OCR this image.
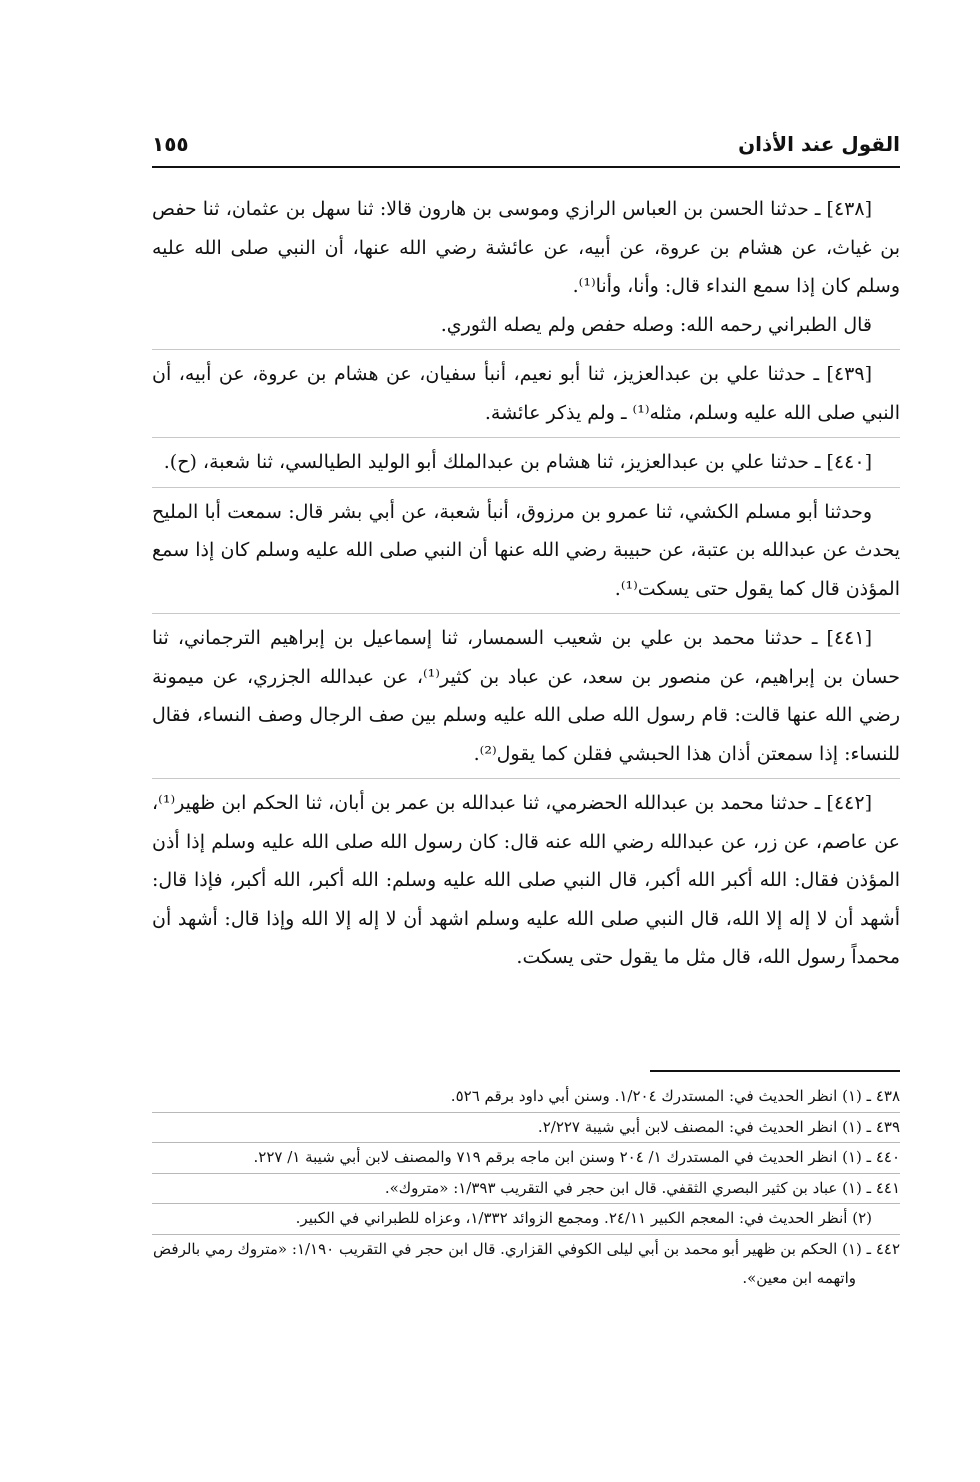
القول عند الأذان
١٥٥

[٤٣٨] ـ حدثنا الحسن بن العباس الرازي وموسى بن هارون قالا: ثنا سهل بن عثمان، ثنا حفص بن غياث، عن هشام بن عروة، عن أبيه، عن عائشة رضي الله عنها، أن النبي صلى الله عليه وسلم كان إذا سمع النداء قال: وأنا، وأنا⁽¹⁾.

قال الطبراني رحمه الله: وصله حفص ولم يصله الثوري.

[٤٣٩] ـ حدثنا علي بن عبدالعزيز، ثنا أبو نعيم، أنبأ سفيان، عن هشام بن عروة، عن أبيه، أن النبي صلى الله عليه وسلم، مثله⁽¹⁾ ـ ولم يذكر عائشة.

[٤٤٠] ـ حدثنا علي بن عبدالعزيز، ثنا هشام بن عبدالملك أبو الوليد الطيالسي، ثنا شعبة، (ح).

وحدثنا أبو مسلم الكشي، ثنا عمرو بن مرزوق، أنبأ شعبة، عن أبي بشر قال: سمعت أبا المليح يحدث عن عبدالله بن عتبة، عن حبيبة رضي الله عنها أن النبي صلى الله عليه وسلم كان إذا سمع المؤذن قال كما يقول حتى يسكت⁽¹⁾.

[٤٤١] ـ حدثنا محمد بن علي بن شعيب السمسار، ثنا إسماعيل بن إبراهيم الترجماني، ثنا حسان بن إبراهيم، عن منصور بن سعد، عن عباد بن كثير⁽¹⁾، عن عبدالله الجزري، عن ميمونة رضي الله عنها قالت: قام رسول الله صلى الله عليه وسلم بين صف الرجال وصف النساء، فقال للنساء: إذا سمعتن أذان هذا الحبشي فقلن كما يقول⁽²⁾.

[٤٤٢] ـ حدثنا محمد بن عبدالله الحضرمي، ثنا عبدالله بن عمر بن أبان، ثنا الحكم ابن ظهير⁽¹⁾، عن عاصم، عن زر، عن عبدالله رضي الله عنه قال: كان رسول الله صلى الله عليه وسلم إذا أذن المؤذن فقال: الله أكبر الله أكبر، قال النبي صلى الله عليه وسلم: الله أكبر، الله أكبر، فإذا قال: أشهد أن لا إله إلا الله، قال النبي صلى الله عليه وسلم اشهد أن لا إله إلا الله وإذا قال: أشهد أن محمداً رسول الله، قال مثل ما يقول حتى يسكت.

٤٣٨ ـ (١) انظر الحديث في: المستدرك ١/٢٠٤. وسنن أبي داود برقم ٥٢٦.

٤٣٩ ـ (١) انظر الحديث في: المصنف لابن أبي شيبة ٢/٢٢٧.

٤٤٠ ـ (١) انظر الحديث في المستدرك ١/ ٢٠٤ وسنن ابن ماجه برقم ٧١٩ والمصنف لابن أبي شيبة ١/ ٢٢٧.

٤٤١ ـ (١) عباد بن كثير البصري الثقفي. قال ابن حجر في التقريب ١/٣٩٣: «متروك».

(٢) أنظر الحديث في: المعجم الكبير ٢٤/١١. ومجمع الزوائد ١/٣٣٢، وعزاه للطبراني في الكبير.

٤٤٢ ـ (١) الحكم بن ظهير أبو محمد بن أبي ليلى الكوفي القزاري. قال ابن حجر في التقريب ١/١٩٠: «متروك رمي بالرفض واتهمه ابن معين».
